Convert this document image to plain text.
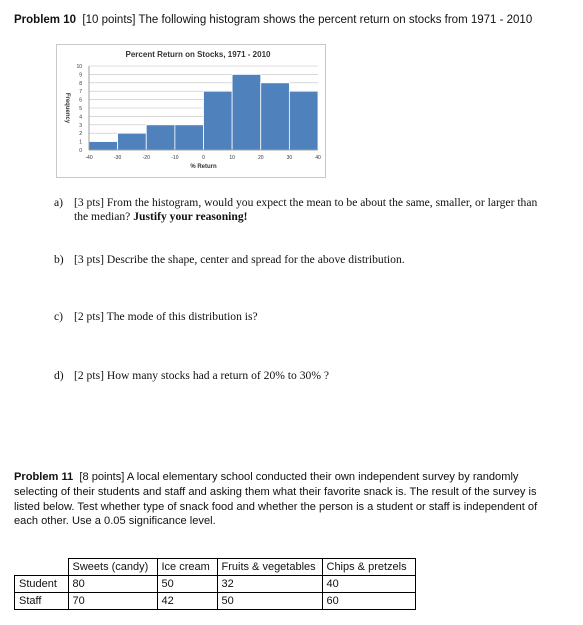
Problem 10 [10 points] The following histogram shows the percent return on stocks from 1971 - 2010
0
1
2
3
4
5
6
7
8
9
10
-40	-30	-20	-10	0	10	20	30	40
Percent Return on Stocks, 1971 - 2010
% Return
Frequency
a) [3 pts] From the histogram, would you expect the mean to be about the same, smaller, or larger than
the median? Justify your reasoning!
b) [3 pts] Describe the shape, center and spread for the above distribution.
c) [2 pts] The mode of this distribution is?
d) [2 pts] How many stocks had a return of 20% to 30% ?
Problem 11 [8 points] A local elementary school conducted their own independent survey by randomly selecting of their students and staff and asking them what their favorite snack is. The result of the survey is listed below. Test whether type of snack food and whether the person is a student or staff is independent of each other. Use a 0.05 significance level.
	Sweets (candy)	Ice cream	Fruits & vegetables	Chips & pretzels
Student	80	50	32	40
Staff	70	42	50	60
